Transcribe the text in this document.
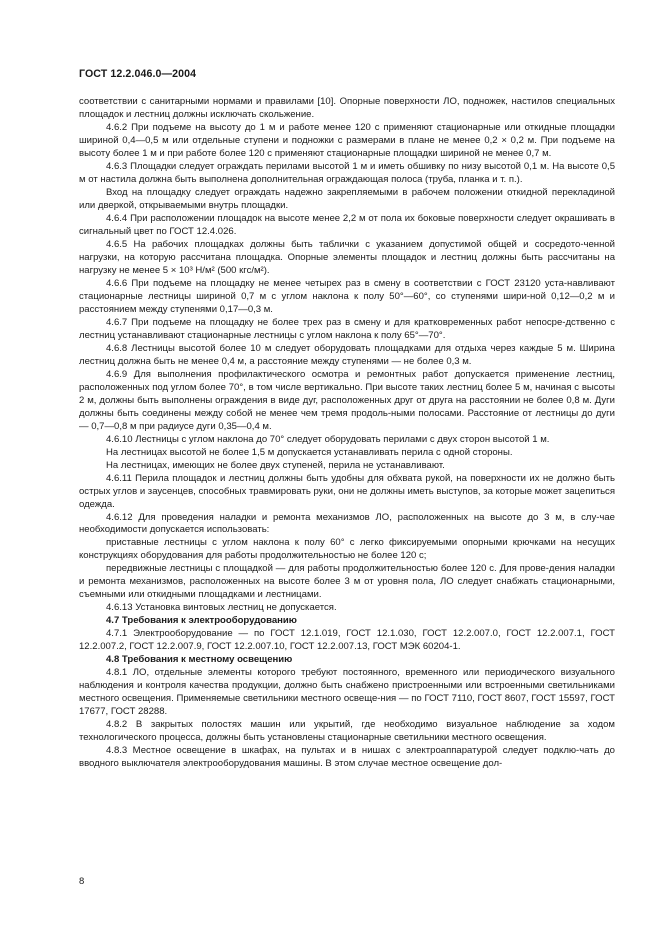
ГОСТ 12.2.046.0—2004

соответствии с санитарными нормами и правилами [10]. Опорные поверхности ЛО, подножек, настилов специальных площадок и лестниц должны исключать скольжение.

4.6.2 При подъеме на высоту до 1 м и работе менее 120 с применяют стационарные или откидные площадки шириной 0,4—0,5 м или отдельные ступени и подножки с размерами в плане не менее 0,2 × 0,2 м. При подъеме на высоту более 1 м и при работе более 120 с применяют стационарные площадки шириной не менее 0,7 м.

4.6.3 Площадки следует ограждать перилами высотой 1 м и иметь обшивку по низу высотой 0,1 м. На высоте 0,5 м от настила должна быть выполнена дополнительная ограждающая полоса (труба, планка и т. п.).

Вход на площадку следует ограждать надежно закрепляемыми в рабочем положении откидной перекладиной или дверкой, открываемыми внутрь площадки.

4.6.4 При расположении площадок на высоте менее 2,2 м от пола их боковые поверхности следует окрашивать в сигнальный цвет по ГОСТ 12.4.026.

4.6.5 На рабочих площадках должны быть таблички с указанием допустимой общей и сосредото-ченной нагрузки, на которую рассчитана площадка. Опорные элементы площадок и лестниц должны быть рассчитаны на нагрузку не менее 5 × 10³ Н/м² (500 кгс/м²).

4.6.6 При подъеме на площадку не менее четырех раз в смену в соответствии с ГОСТ 23120 уста-навливают стационарные лестницы шириной 0,7 м с углом наклона к полу 50°—60°, со ступенями шири-ной 0,12—0,2 м и расстоянием между ступенями 0,17—0,3 м.

4.6.7 При подъеме на площадку не более трех раз в смену и для кратковременных работ непосре-дственно с лестниц устанавливают стационарные лестницы с углом наклона к полу 65°—70°.

4.6.8 Лестницы высотой более 10 м следует оборудовать площадками для отдыха через каждые 5 м. Ширина лестниц должна быть не менее 0,4 м, а расстояние между ступенями — не более 0,3 м.

4.6.9 Для выполнения профилактического осмотра и ремонтных работ допускается применение лестниц, расположенных под углом более 70°, в том числе вертикально. При высоте таких лестниц более 5 м, начиная с высоты 2 м, должны быть выполнены ограждения в виде дуг, расположенных друг от друга на расстоянии не более 0,8 м. Дуги должны быть соединены между собой не менее чем тремя продоль-ными полосами. Расстояние от лестницы до дуги — 0,7—0,8 м при радиусе дуги 0,35—0,4 м.

4.6.10 Лестницы с углом наклона до 70° следует оборудовать перилами с двух сторон высотой 1 м.

На лестницах высотой не более 1,5 м допускается устанавливать перила с одной стороны.

На лестницах, имеющих не более двух ступеней, перила не устанавливают.

4.6.11 Перила площадок и лестниц должны быть удобны для обхвата рукой, на поверхности их не должно быть острых углов и заусенцев, способных травмировать руки, они не должны иметь выступов, за которые может зацепиться одежда.

4.6.12 Для проведения наладки и ремонта механизмов ЛО, расположенных на высоте до 3 м, в слу-чае необходимости допускается использовать:

приставные лестницы с углом наклона к полу 60° с легко фиксируемыми опорными крючками на несущих конструкциях оборудования для работы продолжительностью не более 120 с;

передвижные лестницы с площадкой — для работы продолжительностью более 120 с. Для прове-дения наладки и ремонта механизмов, расположенных на высоте более 3 м от уровня пола, ЛО следует снабжать стационарными, съемными или откидными площадками и лестницами.

4.6.13 Установка винтовых лестниц не допускается.

4.7 Требования к электрооборудованию

4.7.1 Электрооборудование — по ГОСТ 12.1.019, ГОСТ 12.1.030, ГОСТ 12.2.007.0, ГОСТ 12.2.007.1, ГОСТ 12.2.007.2, ГОСТ 12.2.007.9, ГОСТ 12.2.007.10, ГОСТ 12.2.007.13, ГОСТ МЭК 60204-1.

4.8 Требования к местному освещению

4.8.1 ЛО, отдельные элементы которого требуют постоянного, временного или периодического визуального наблюдения и контроля качества продукции, должно быть снабжено пристроенными или встроенными светильниками местного освещения. Применяемые светильники местного освеще-ния — по ГОСТ 7110, ГОСТ 8607, ГОСТ 15597, ГОСТ 17677, ГОСТ 28288.

4.8.2 В закрытых полостях машин или укрытий, где необходимо визуальное наблюдение за ходом технологического процесса, должны быть установлены стационарные светильники местного освещения.

4.8.3 Местное освещение в шкафах, на пультах и в нишах с электроаппаратурой следует подклю-чать до вводного выключателя электрооборудования машины. В этом случае местное освещение дол-

8
